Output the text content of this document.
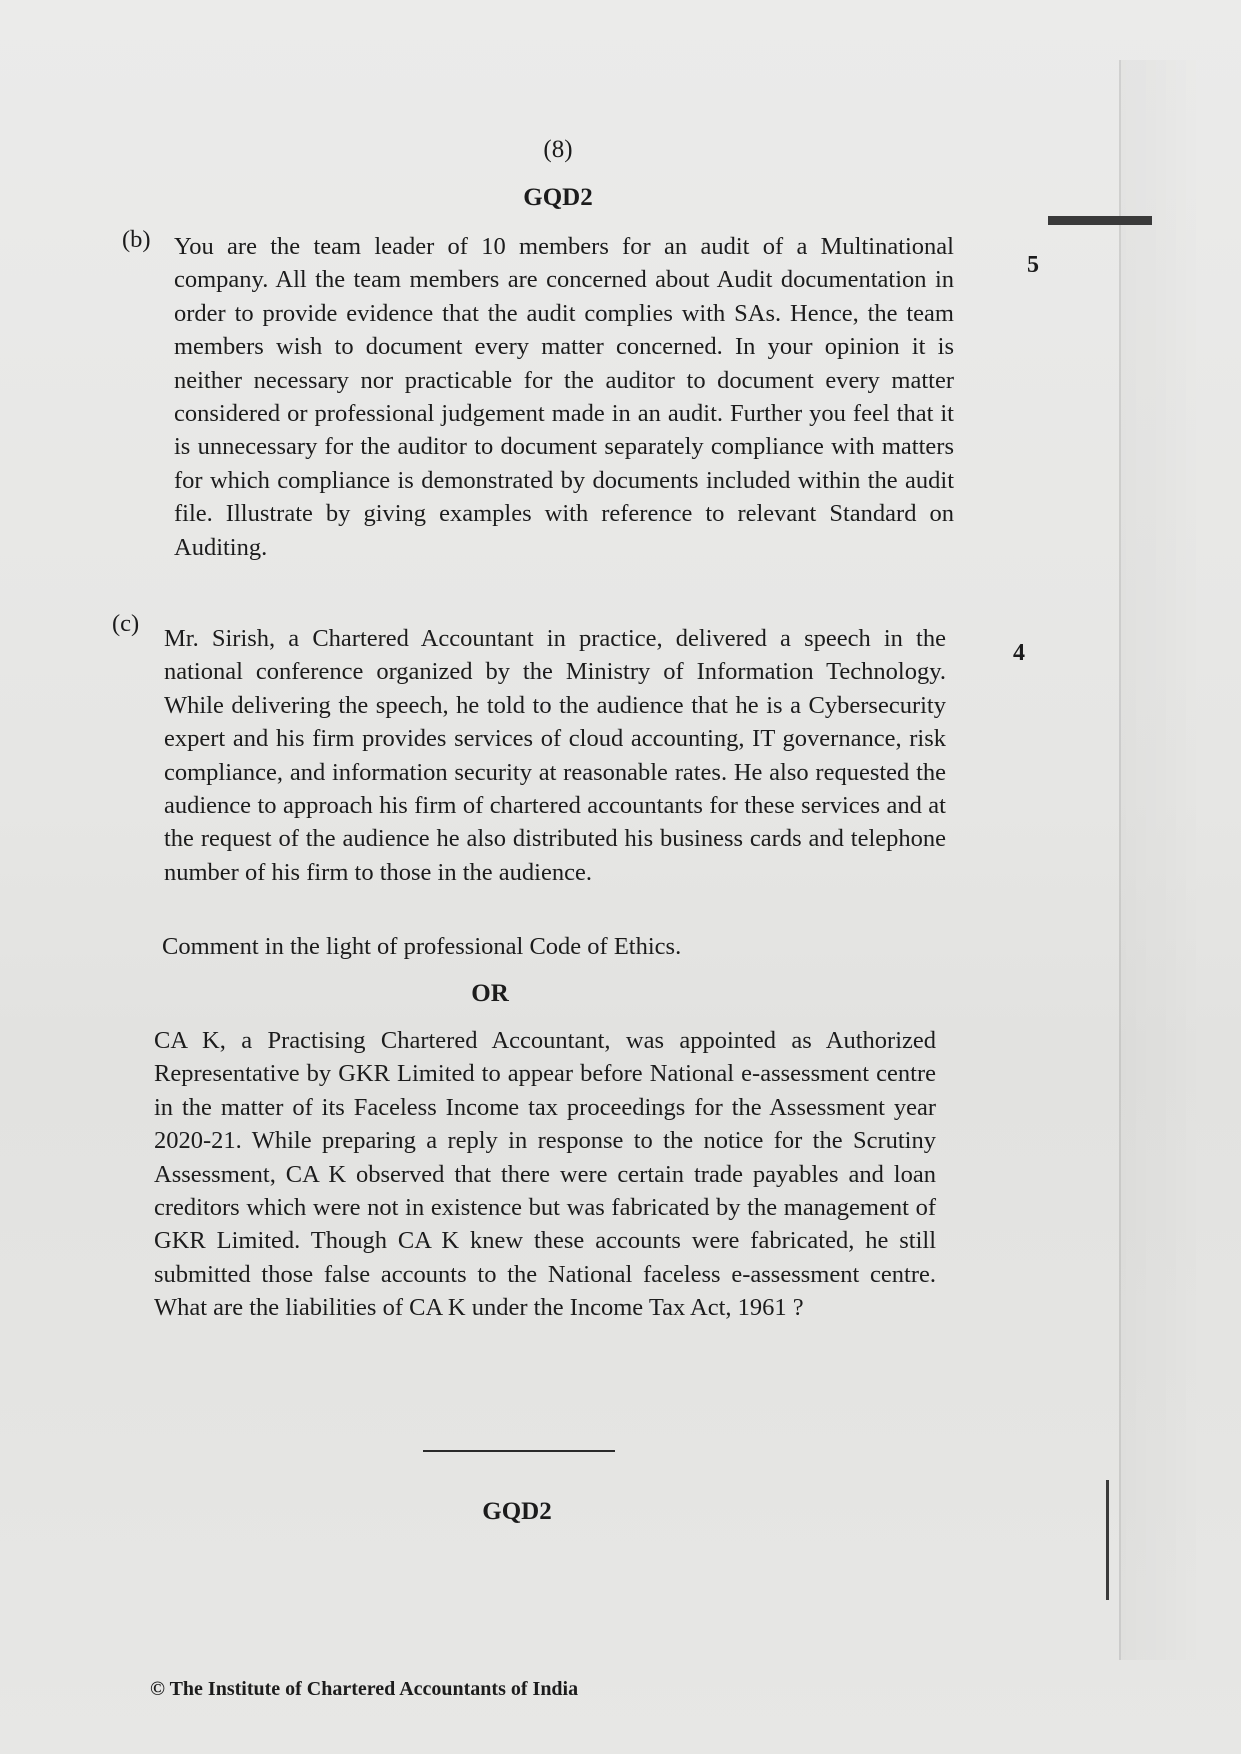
(8)
GQD2
(b)
5
You are the team leader of 10 members for an audit of a Multinational company. All the team members are concerned about Audit documentation in order to provide evidence that the audit complies with SAs. Hence, the team members wish to document every matter concerned. In your opinion it is neither necessary nor practicable for the auditor to document every matter considered or professional judgement made in an audit. Further you feel that it is unnecessary for the auditor to document separately compliance with matters for which compliance is demonstrated by documents included within the audit file. Illustrate by giving examples with reference to relevant Standard on Auditing.
(c)
4
Mr. Sirish, a Chartered Accountant in practice, delivered a speech in the national conference organized by the Ministry of Information Technology. While delivering the speech, he told to the audience that he is a Cybersecurity expert and his firm provides services of cloud accounting, IT governance, risk compliance, and information security at reasonable rates. He also requested the audience to approach his firm of chartered accountants for these services and at the request of the audience he also distributed his business cards and telephone number of his firm to those in the audience.
Comment in the light of professional Code of Ethics.
OR
CA K, a Practising Chartered Accountant, was appointed as Authorized Representative by GKR Limited to appear before National e-assessment centre in the matter of its Faceless Income tax proceedings for the Assessment year 2020-21. While preparing a reply in response to the notice for the Scrutiny Assessment, CA K observed that there were certain trade payables and loan creditors which were not in existence but was fabricated by the management of GKR Limited. Though CA K knew these accounts were fabricated, he still submitted those false accounts to the National faceless e-assessment centre. What are the liabilities of CA K under the Income Tax Act, 1961 ?
GQD2
© The Institute of Chartered Accountants of India
